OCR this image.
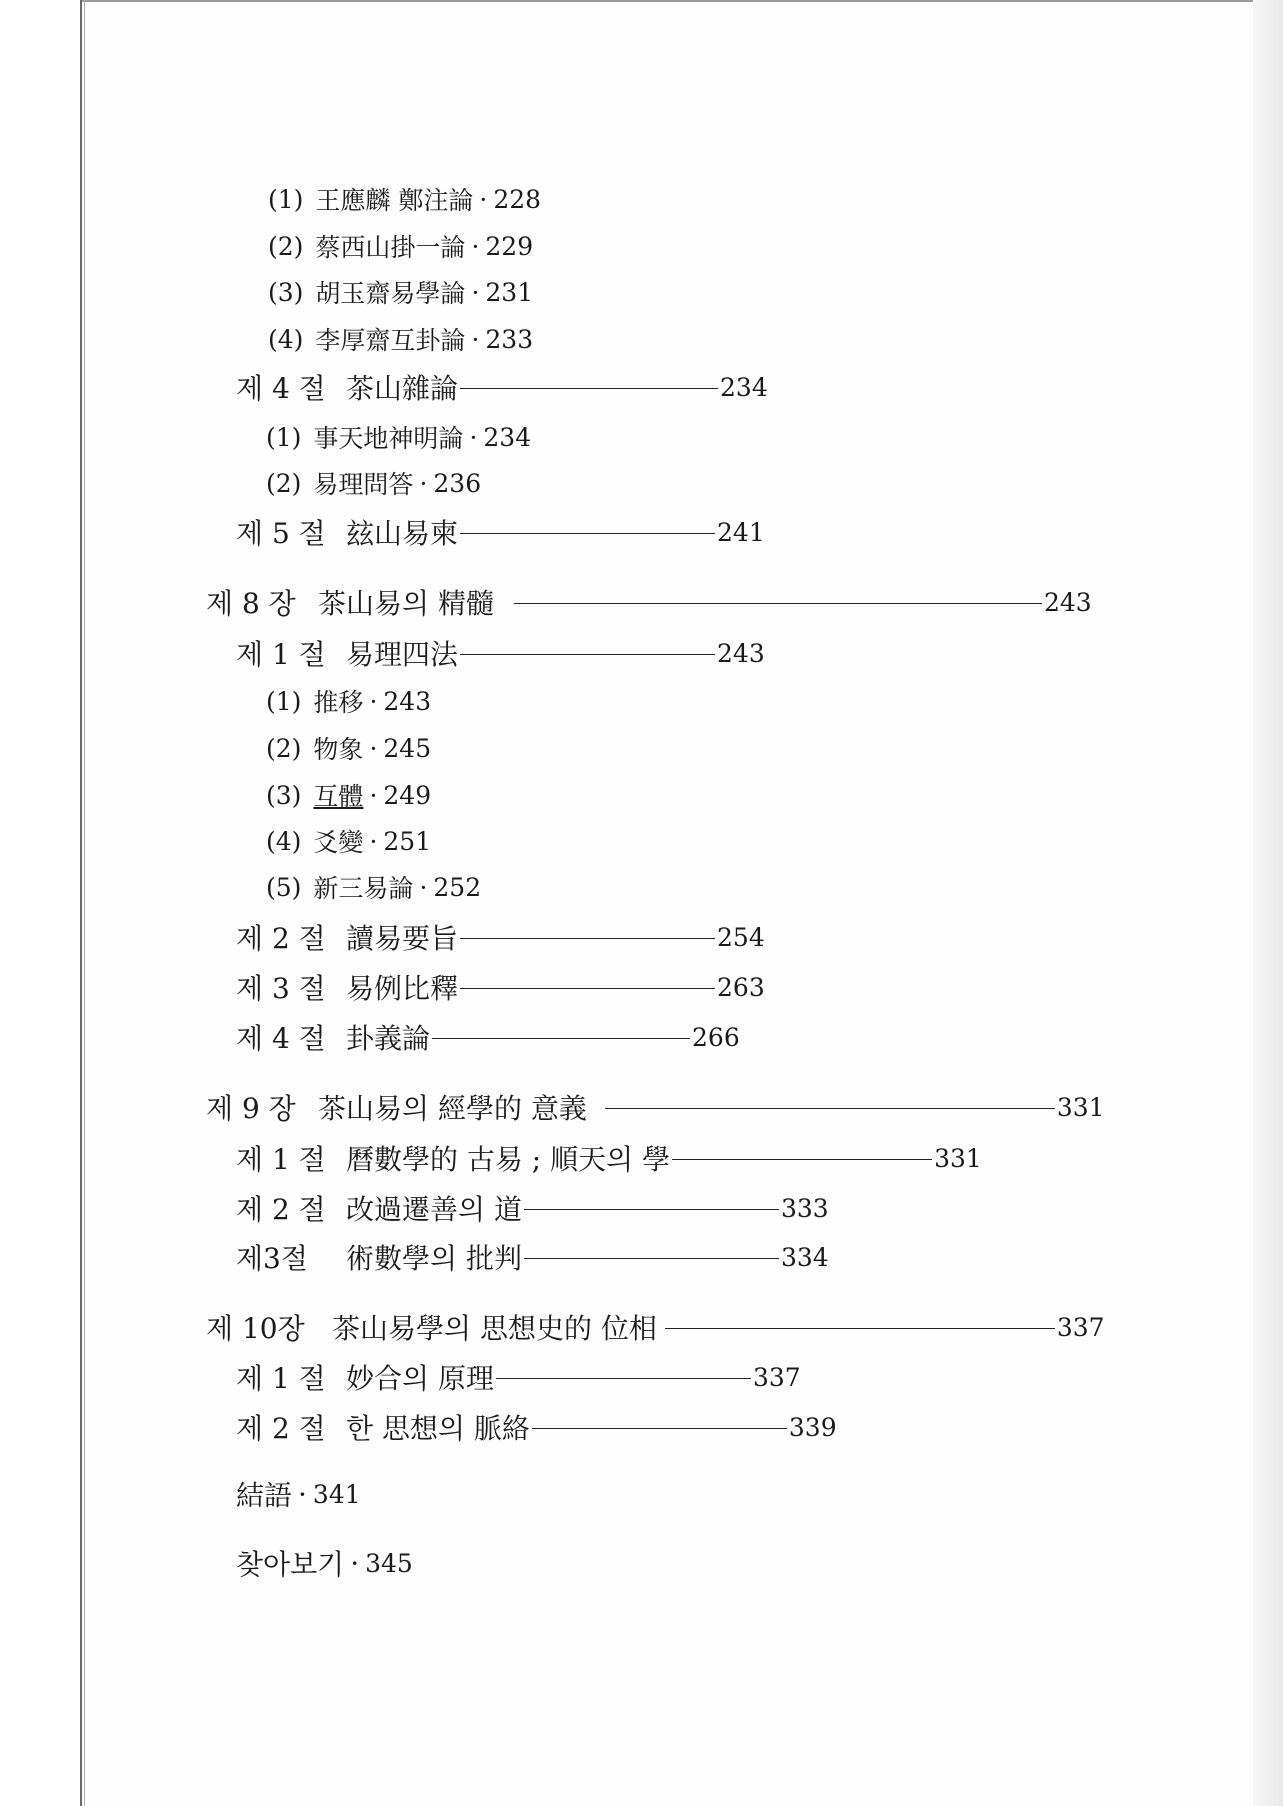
(1) 王應麟 鄭注論 · 228
(2) 蔡西山掛一論 · 229
(3) 胡玉齋易學論 · 231
(4) 李厚齋互卦論 · 233
제 4 절 茶山雜論	234
(1) 事天地神明論 · 234
(2) 易理問答 · 236
제 5 절 玆山易柬	241
제 8 장 茶山易의 精髓	243
제 1 절 易理四法	243
(1) 推移 · 243
(2) 物象 · 245
(3) 互體 · 249
(4) 爻變 · 251
(5) 新三易論 · 252
제 2 절 讀易要旨	254
제 3 절 易例比釋	263
제 4 절 卦義論	266
제 9 장 茶山易의 經學的 意義	331
제 1 절 曆數學的 古易 ; 順天의 學	331
제 2 절 改過遷善의 道	333
제3절	術數學의 批判	334
제 10장 茶山易學의 思想史的 位相	337
제 1 절 妙合의 原理	337
제 2 절 한 思想의 脈絡	339
結語 · 341
찾아보기 · 345
